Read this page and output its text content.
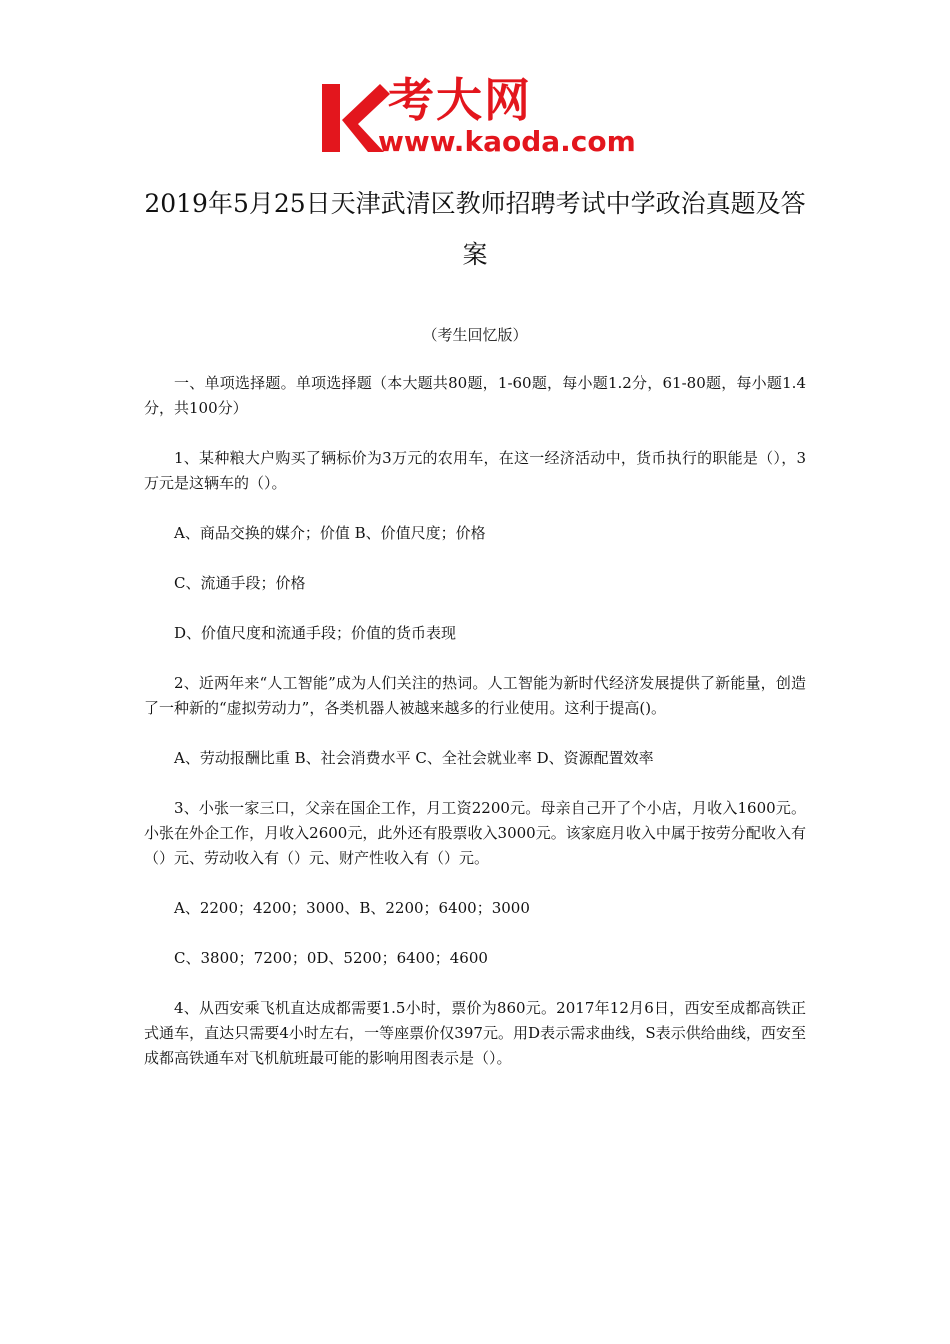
考大网
www.kaoda.com
2019年5月25日天津武清区教师招聘考试中学政治真题及答案
（考生回忆版）

一、单项选择题。单项选择题（本大题共80题，1-60题，每小题1.2分，61-80题，每小题1.4分，共100分）

1、某种粮大户购买了辆标价为3万元的农用车，在这一经济活动中，货币执行的职能是（），3万元是这辆车的（）。

A、商品交换的媒介；价值 B、价值尺度；价格

C、流通手段；价格

D、价值尺度和流通手段；价值的货币表现

2、近两年来“人工智能”成为人们关注的热词。人工智能为新时代经济发展提供了新能量，创造了一种新的“虚拟劳动力”，各类机器人被越来越多的行业使用。这利于提高()。

A、劳动报酬比重 B、社会消费水平 C、全社会就业率 D、资源配置效率

3、小张一家三口，父亲在国企工作，月工资2200元。母亲自己开了个小店，月收入1600元。小张在外企工作，月收入2600元，此外还有股票收入3000元。该家庭月收入中属于按劳分配收入有（）元、劳动收入有（）元、财产性收入有（）元。

A、2200；4200；3000、B、2200；6400；3000

C、3800；7200；0D、5200；6400；4600

4、从西安乘飞机直达成都需要1.5小时，票价为860元。2017年12月6日，西安至成都高铁正式通车，直达只需要4小时左右，一等座票价仅397元。用D表示需求曲线，S表示供给曲线，西安至成都高铁通车对飞机航班最可能的影响用图表示是（）。
